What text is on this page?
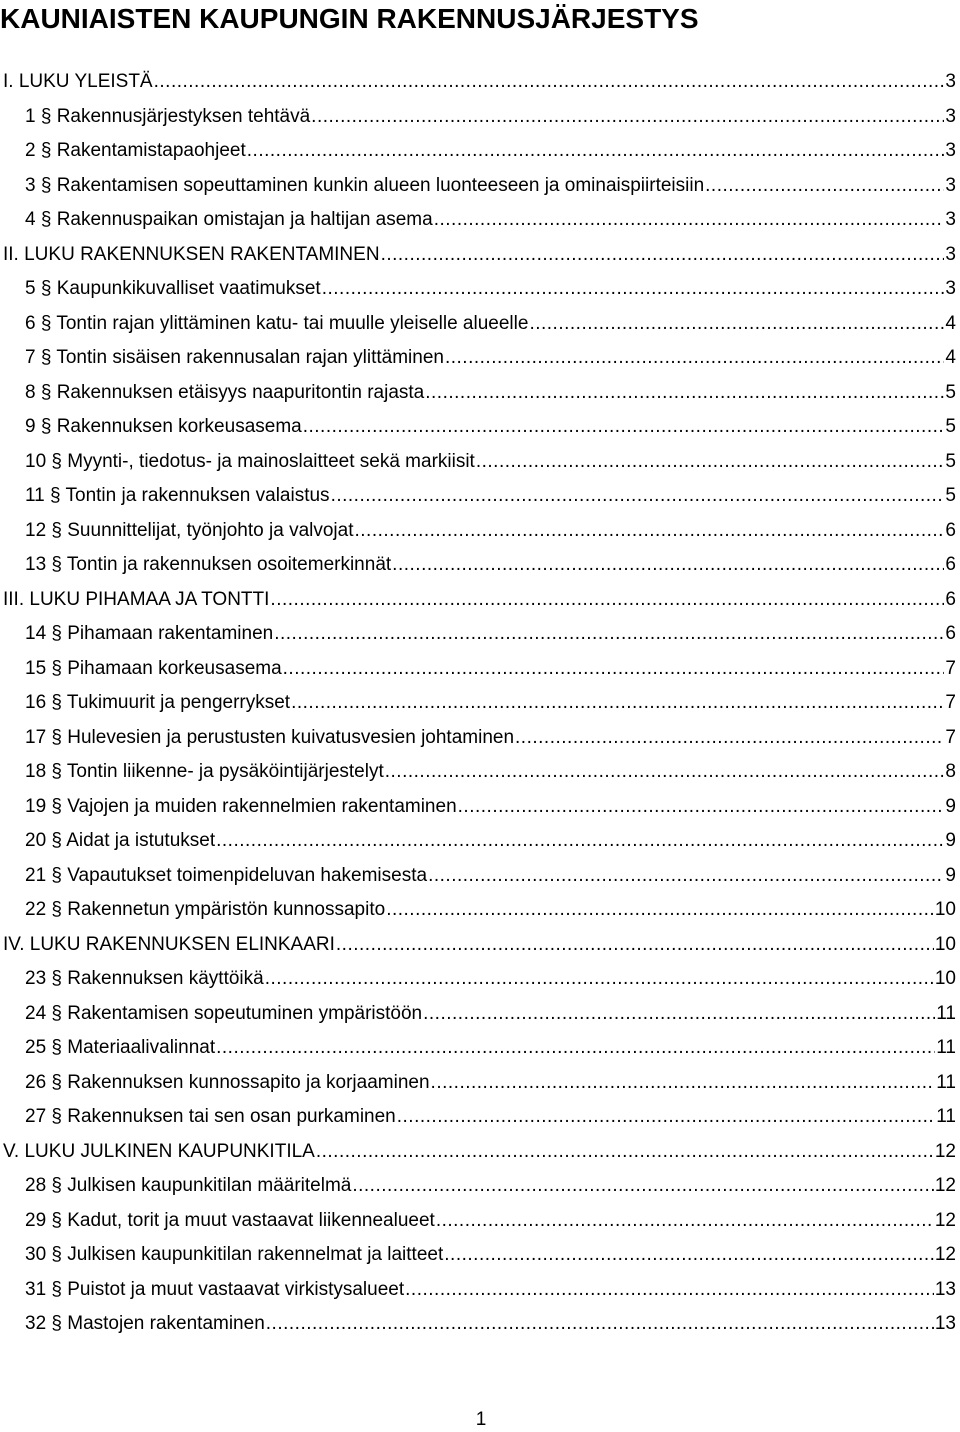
KAUNIAISTEN KAUPUNGIN RAKENNUSJÄRJESTYS
I. LUKU YLEISTÄ .....	3
1 § Rakennusjärjestyksen tehtävä .....	3
2 § Rakentamistapaohjeet .....	3
3 § Rakentamisen sopeuttaminen kunkin alueen luonteeseen ja ominaispiirteisiin .....	3
4 § Rakennuspaikan omistajan ja haltijan asema .....	3
II. LUKU RAKENNUKSEN RAKENTAMINEN .....	3
5 § Kaupunkikuvalliset vaatimukset .....	3
6 § Tontin rajan ylittäminen katu- tai muulle yleiselle alueelle .....	4
7 § Tontin sisäisen rakennusalan rajan ylittäminen .....	4
8 § Rakennuksen etäisyys naapuritontin rajasta .....	5
9 § Rakennuksen korkeusasema .....	5
10 § Myynti-, tiedotus- ja mainoslaitteet sekä markiisit .....	5
11 § Tontin ja rakennuksen valaistus .....	5
12 § Suunnittelijat, työnjohto ja valvojat .....	6
13 § Tontin ja rakennuksen osoitemerkinnät .....	6
III. LUKU PIHAMAA JA TONTTI .....	6
14 § Pihamaan rakentaminen .....	6
15 § Pihamaan korkeusasema .....	7
16 § Tukimuurit ja pengerrykset .....	7
17 § Hulevesien ja perustusten kuivatusvesien johtaminen .....	7
18 § Tontin liikenne- ja pysäköintijärjestelyt .....	8
19 § Vajojen ja muiden rakennelmien rakentaminen .....	9
20 § Aidat ja istutukset .....	9
21 § Vapautukset toimenpideluvan hakemisesta .....	9
22 § Rakennetun ympäristön kunnossapito .....	10
IV. LUKU RAKENNUKSEN ELINKAARI .....	10
23 § Rakennuksen käyttöikä .....	10
24 § Rakentamisen sopeutuminen ympäristöön .....	11
25 § Materiaalivalinnat .....	11
26 § Rakennuksen kunnossapito ja korjaaminen .....	11
27 § Rakennuksen tai sen osan purkaminen .....	11
V. LUKU JULKINEN KAUPUNKITILA .....	12
28 § Julkisen kaupunkitilan määritelmä .....	12
29 § Kadut, torit ja muut vastaavat liikennealueet .....	12
30 § Julkisen kaupunkitilan rakennelmat ja laitteet .....	12
31 § Puistot ja muut vastaavat virkistysalueet .....	13
32 § Mastojen rakentaminen .....	13
1
